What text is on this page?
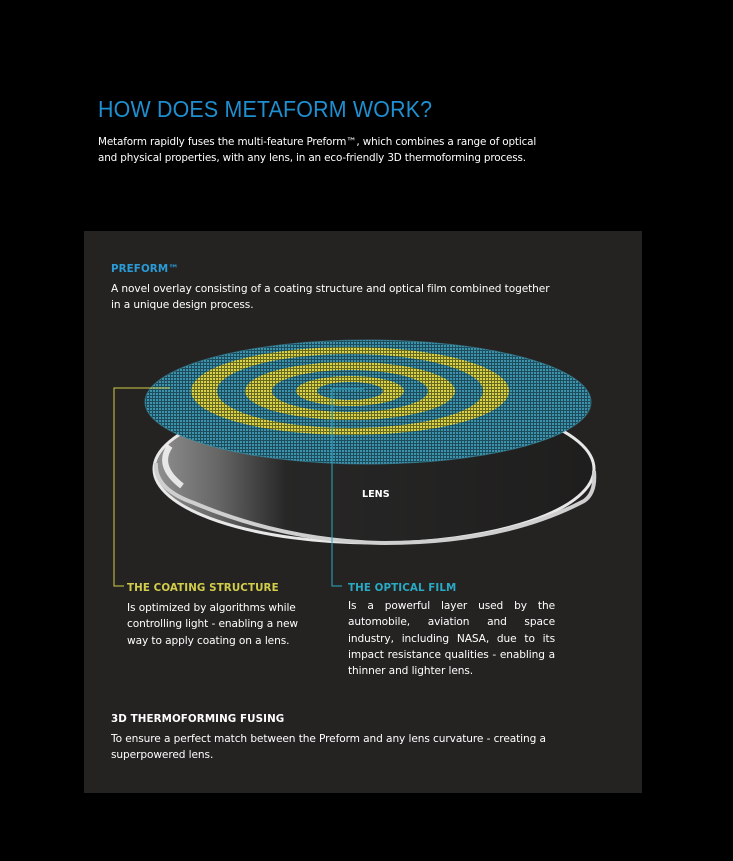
HOW DOES METAFORM WORK?

Metaform rapidly fuses the multi-feature Preform™, which combines a range of optical and physical properties, with any lens, in an eco-friendly 3D thermoforming process.

LENS

PREFORM™

A novel overlay consisting of a coating structure and optical film combined together in a unique design process.

THE COATING STRUCTURE

Is optimized by algorithms while controlling light - enabling a new way to apply coating on a lens.

THE OPTICAL FILM

Is a powerful layer used by the automobile, aviation and space industry, including NASA, due to its impact resistance qualities - enabling a thinner and lighter lens.

3D THERMOFORMING FUSING

To ensure a perfect match between the Preform and any lens curvature - creating a superpowered lens.
